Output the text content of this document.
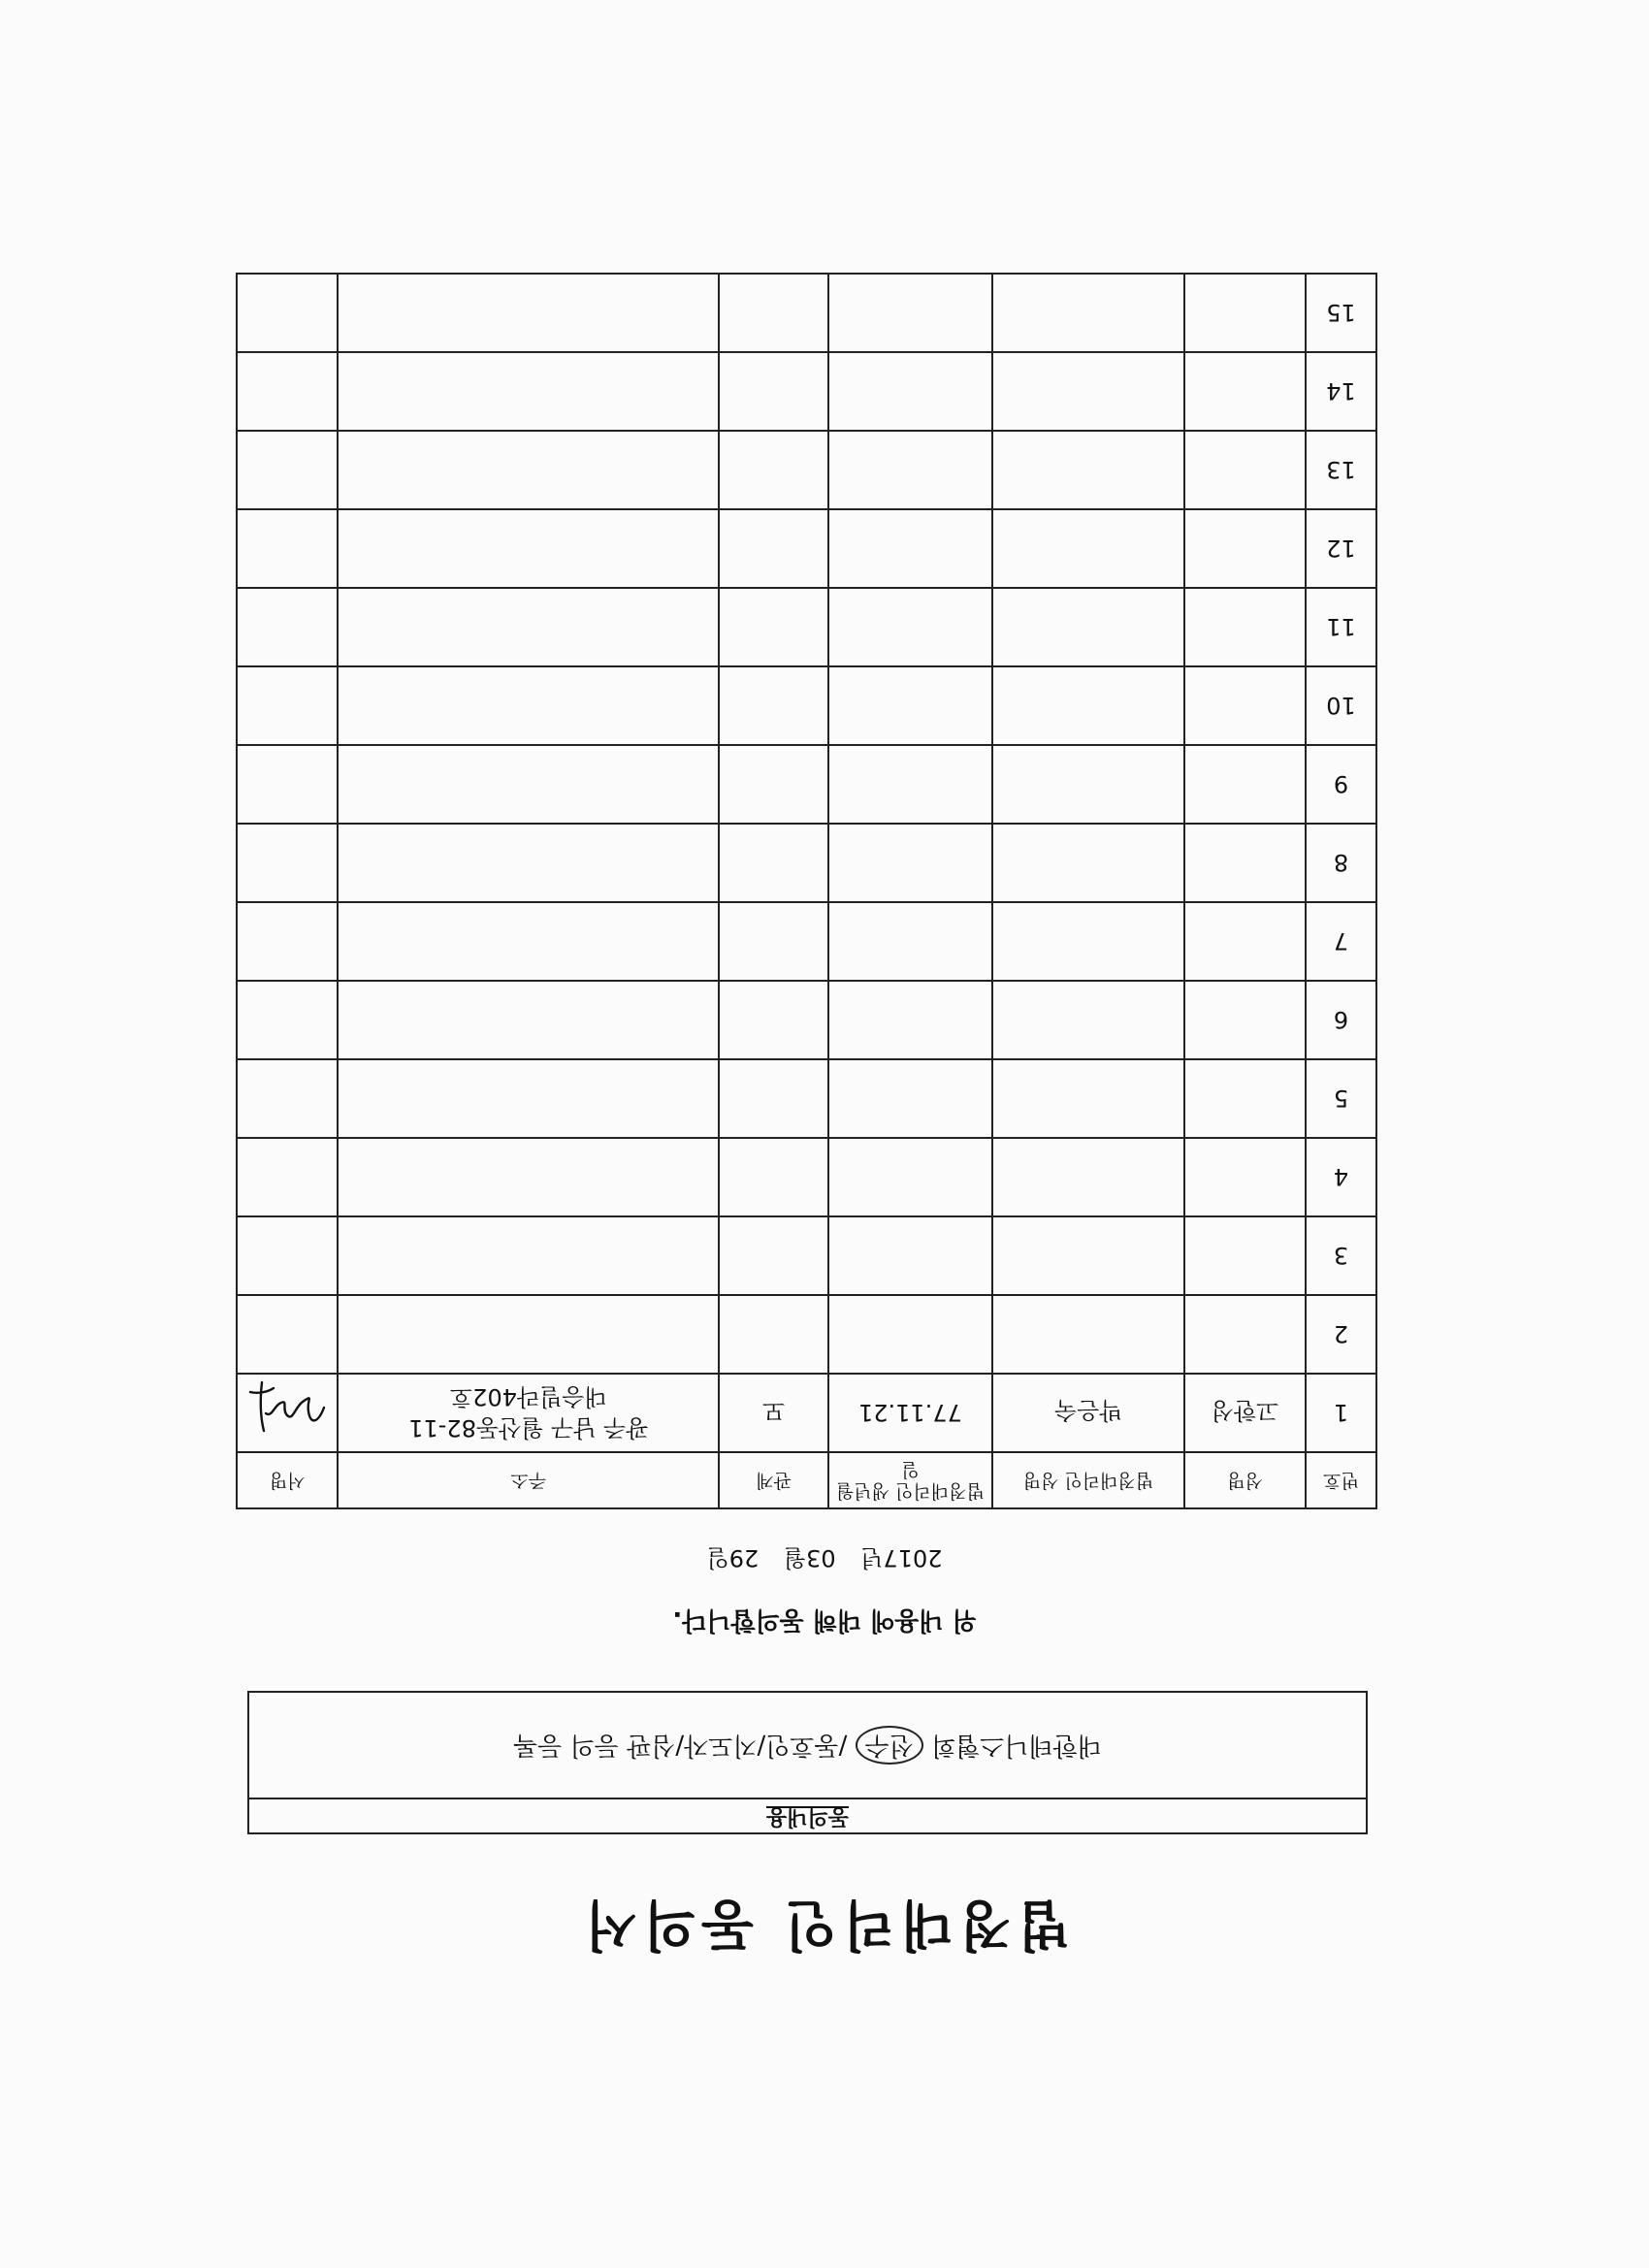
법정대리인 동의서
동의내용
대한테니스협회 선수 /동호인/지도자/심판 등의 등록
위 내용에 대해 동의합니다.
2017년 03월 29일
번호	성명	법정대리인 성명	법정대리인 생년월일	관계	주소	서명
1	고한성	박은숙	77.11.21	모	광주 남구 월산동82-11
대승빌라402호

2					

3					

4					

5					

6					

7					

8					

9					

10					

11					

12					

13					

14					

15					
